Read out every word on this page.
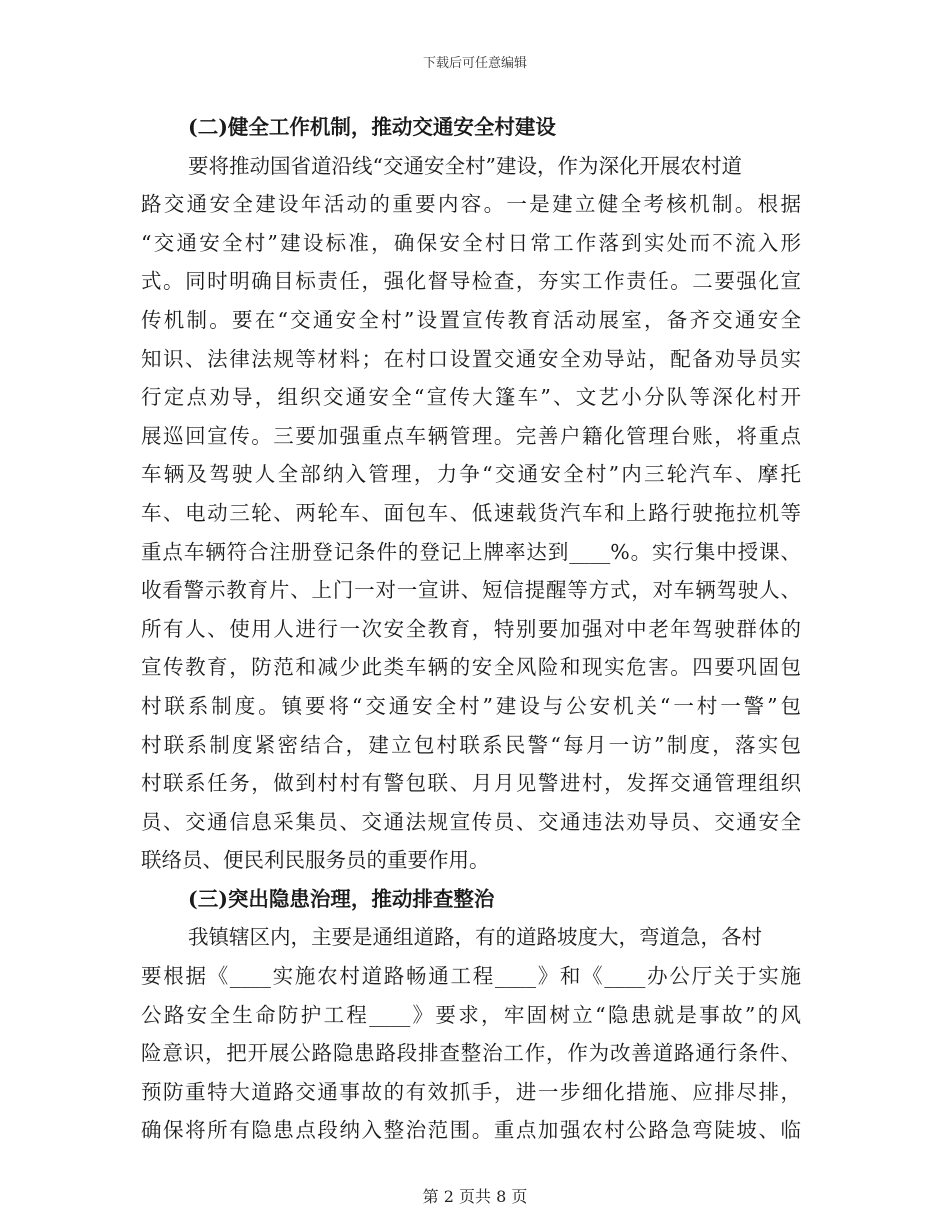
下载后可任意编辑
(二)健全工作机制，推动交通安全村建设
要将推动国省道沿线“交通安全村”建设，作为深化开展农村道
路交通安全建设年活动的重要内容。一是建立健全考核机制。根据
“交通安全村”建设标准，确保安全村日常工作落到实处而不流入形
式。同时明确目标责任，强化督导检查，夯实工作责任。二要强化宣
传机制。要在“交通安全村”设置宣传教育活动展室，备齐交通安全
知识、法律法规等材料；在村口设置交通安全劝导站，配备劝导员实
行定点劝导，组织交通安全“宣传大篷车”、文艺小分队等深化村开
展巡回宣传。三要加强重点车辆管理。完善户籍化管理台账，将重点
车辆及驾驶人全部纳入管理，力争“交通安全村”内三轮汽车、摩托
车、电动三轮、两轮车、面包车、低速载货汽车和上路行驶拖拉机等
重点车辆符合注册登记条件的登记上牌率达到____%。实行集中授课、
收看警示教育片、上门一对一宣讲、短信提醒等方式，对车辆驾驶人、
所有人、使用人进行一次安全教育，特别要加强对中老年驾驶群体的
宣传教育，防范和减少此类车辆的安全风险和现实危害。四要巩固包
村联系制度。镇要将“交通安全村”建设与公安机关“一村一警”包
村联系制度紧密结合，建立包村联系民警“每月一访”制度，落实包
村联系任务，做到村村有警包联、月月见警进村，发挥交通管理组织
员、交通信息采集员、交通法规宣传员、交通违法劝导员、交通安全
联络员、便民利民服务员的重要作用。
(三)突出隐患治理，推动排查整治
我镇辖区内，主要是通组道路，有的道路坡度大，弯道急，各村
要根据《____实施农村道路畅通工程____》和《____办公厅关于实施
公路安全生命防护工程____》要求，牢固树立“隐患就是事故”的风
险意识，把开展公路隐患路段排查整治工作，作为改善道路通行条件、
预防重特大道路交通事故的有效抓手，进一步细化措施、应排尽排，
确保将所有隐患点段纳入整治范围。重点加强农村公路急弯陡坡、临
第 2 页共 8 页
